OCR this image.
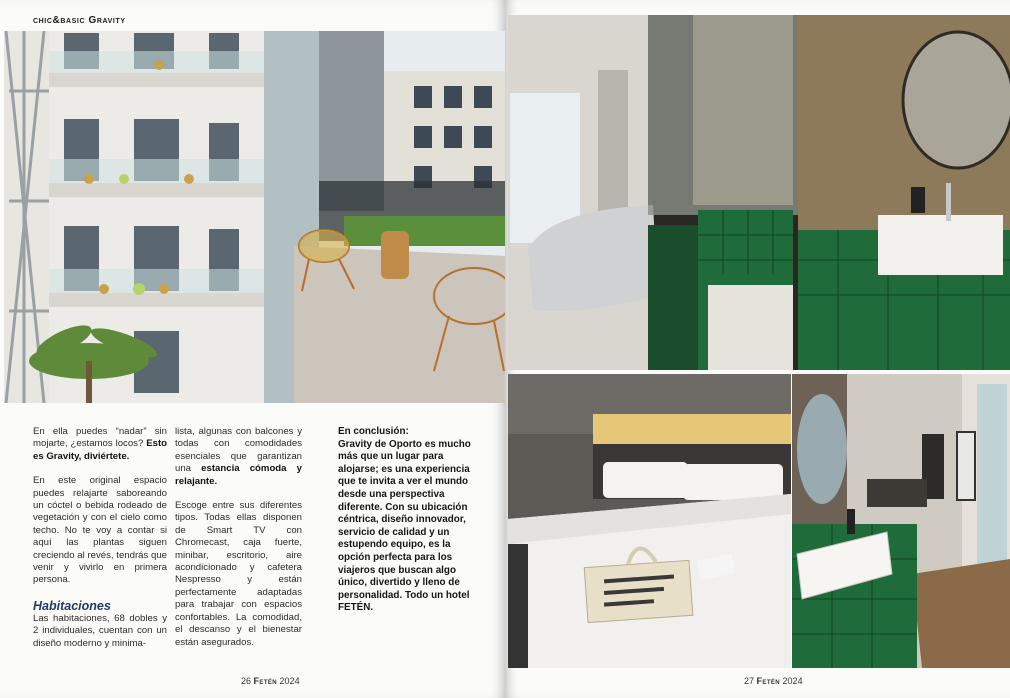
chic&basic Gravity

En ella puedes “nadar” sin mojarte, ¿estamos locos? Esto es Gravity, diviértete.

En este original espacio puedes relajarte saboreando un cóctel o bebida rodeado de vegetación y con el cielo como techo. No te voy a contar si aquí las plantas siguen creciendo al revés, tendrás que venir y vivirlo en primera persona.

Habitaciones

Las habitaciones, 68 dobles y 2 individuales, cuentan con un diseño moderno y minima-

lista, algunas con balcones y todas con comodidades esenciales que garantizan una estancia cómoda y relajante.

Escoge entre sus diferentes tipos. Todas ellas disponen de Smart TV con Chromecast, caja fuerte, minibar, escritorio, aire acondicionado y cafetera Nespresso y están perfectamente adaptadas para trabajar con espacios confortables. La comodidad, el descanso y el bienestar están asegurados.

En conclusión:
Gravity de Oporto es mucho más que un lugar para alojarse; es una experiencia que te invita a ver el mundo desde una perspectiva diferente. Con su ubicación céntrica, diseño innovador, servicio de calidad y un estupendo equipo, es la opción perfecta para los viajeros que buscan algo único, divertido y lleno de personalidad. Todo un hotel FETÉN.
26 Fetén 2024	27 Fetén 2024
